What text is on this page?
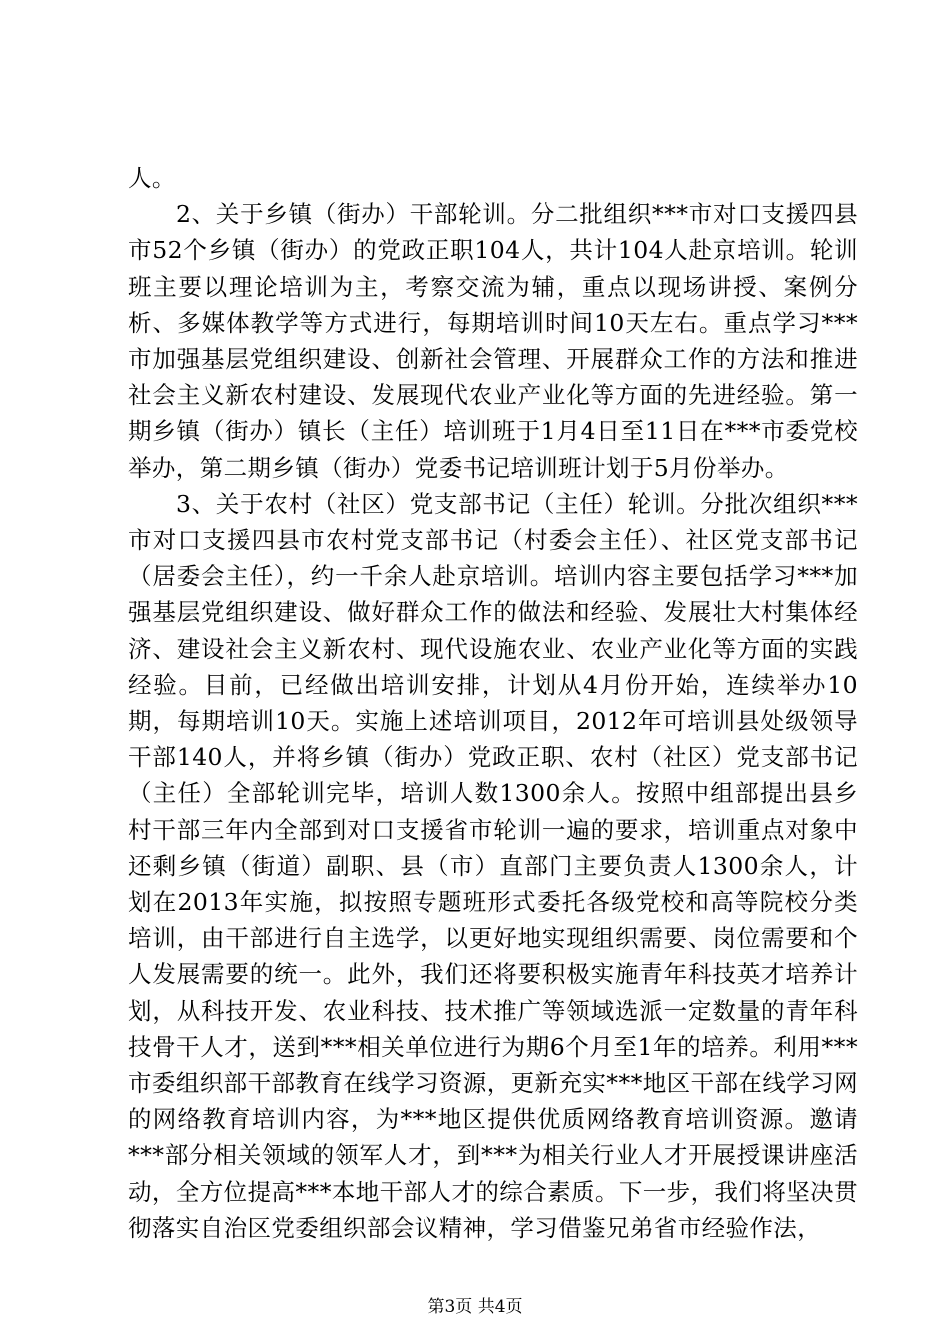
人。

2、关于乡镇（街办）干部轮训。分二批组织***市对口支援四县市52个乡镇（街办）的党政正职104人，共计104人赴京培训。轮训班主要以理论培训为主，考察交流为辅，重点以现场讲授、案例分析、多媒体教学等方式进行，每期培训时间10天左右。重点学习***市加强基层党组织建设、创新社会管理、开展群众工作的方法和推进社会主义新农村建设、发展现代农业产业化等方面的先进经验。第一期乡镇（街办）镇长（主任）培训班于1月4日至11日在***市委党校举办，第二期乡镇（街办）党委书记培训班计划于5月份举办。

3、关于农村（社区）党支部书记（主任）轮训。分批次组织***市对口支援四县市农村党支部书记（村委会主任）、社区党支部书记（居委会主任），约一千余人赴京培训。培训内容主要包括学习***加强基层党组织建设、做好群众工作的做法和经验、发展壮大村集体经济、建设社会主义新农村、现代设施农业、农业产业化等方面的实践经验。目前，已经做出培训安排，计划从4月份开始，连续举办10期，每期培训10天。实施上述培训项目，2012年可培训县处级领导干部140人，并将乡镇（街办）党政正职、农村（社区）党支部书记（主任）全部轮训完毕，培训人数1300余人。按照中组部提出县乡村干部三年内全部到对口支援省市轮训一遍的要求，培训重点对象中还剩乡镇（街道）副职、县（市）直部门主要负责人1300余人，计划在2013年实施，拟按照专题班形式委托各级党校和高等院校分类培训，由干部进行自主选学，以更好地实现组织需要、岗位需要和个人发展需要的统一。此外，我们还将要积极实施青年科技英才培养计划，从科技开发、农业科技、技术推广等领域选派一定数量的青年科技骨干人才，送到***相关单位进行为期6个月至1年的培养。利用***市委组织部干部教育在线学习资源，更新充实***地区干部在线学习网的网络教育培训内容，为***地区提供优质网络教育培训资源。邀请***部分相关领域的领军人才，到***为相关行业人才开展授课讲座活动，全方位提高***本地干部人才的综合素质。下一步，我们将坚决贯彻落实自治区党委组织部会议精神，学习借鉴兄弟省市经验作法，

第3页 共4页
